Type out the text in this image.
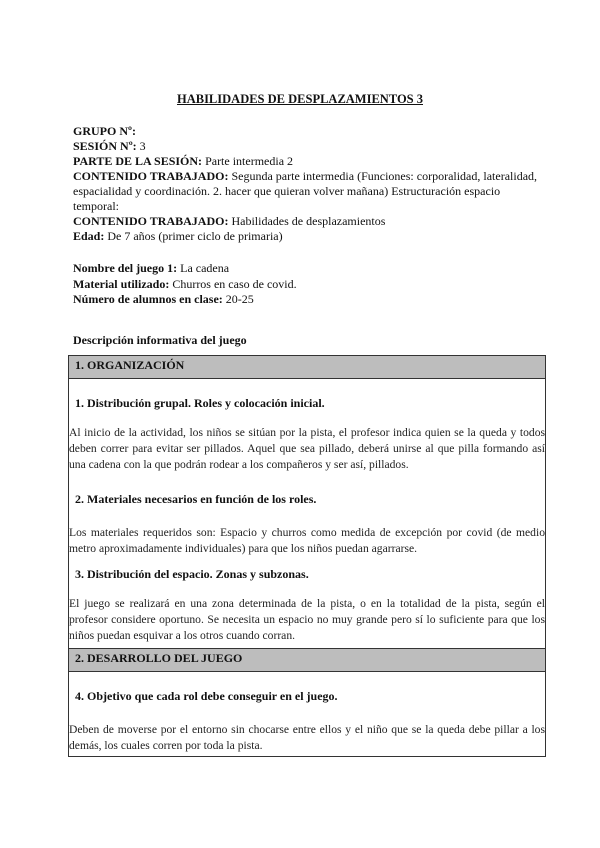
HABILIDADES DE DESPLAZAMIENTOS 3
GRUPO Nº:
SESIÓN Nº: 3
PARTE DE LA SESIÓN: Parte intermedia 2
CONTENIDO TRABAJADO: Segunda parte intermedia (Funciones: corporalidad, lateralidad, espacialidad y coordinación. 2. hacer que quieran volver mañana) Estructuración espacio temporal:
CONTENIDO TRABAJADO: Habilidades de desplazamientos
Edad: De 7 años (primer ciclo de primaria)
Nombre del juego 1: La cadena
Material utilizado: Churros en caso de covid.
Número de alumnos en clase: 20-25
Descripción informativa del juego
1. ORGANIZACIÓN

1. Distribución grupal. Roles y colocación inicial.
Al inicio de la actividad, los niños se sitúan por la pista, el profesor indica quien se la queda y todos deben correr para evitar ser pillados. Aquel que sea pillado, deberá unirse al que pilla formando así una cadena con la que podrán rodear a los compañeros y ser así, pillados.
2. Materiales necesarios en función de los roles.
Los materiales requeridos son: Espacio y churros como medida de excepción por covid (de medio metro aproximadamente individuales) para que los niños puedan agarrarse.
3. Distribución del espacio. Zonas y subzonas.
El juego se realizará en una zona determinada de la pista, o en la totalidad de la pista, según el profesor considere oportuno. Se necesita un espacio no muy grande pero sí lo suficiente para que los niños puedan esquivar a los otros cuando corran.

2. DESARROLLO DEL JUEGO

4. Objetivo que cada rol debe conseguir en el juego.
Deben de moverse por el entorno sin chocarse entre ellos y el niño que se la queda debe pillar a los demás, los cuales corren por toda la pista.
